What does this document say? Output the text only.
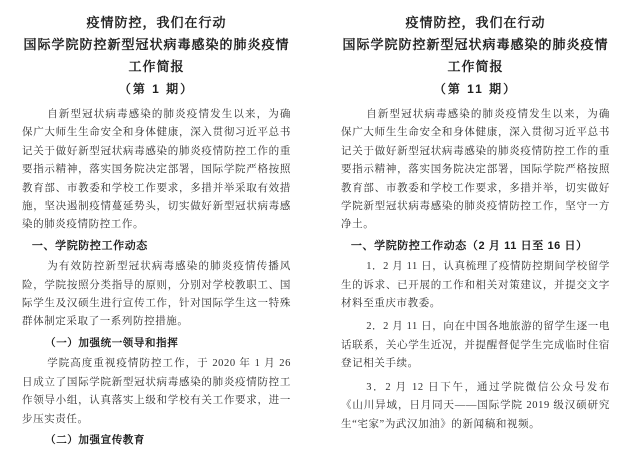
疫情防控，我们在行动
国际学院防控新型冠状病毒感染的肺炎疫情
工作简报
（第 1 期）

自新型冠状病毒感染的肺炎疫情发生以来，为确保广大师生生命安全和身体健康，深入贯彻习近平总书记关于做好新型冠状病毒感染的肺炎疫情防控工作的重要指示精神，落实国务院决定部署，国际学院严格按照教育部、市教委和学校工作要求，多措并举采取有效措施，坚决遏制疫情蔓延势头，切实做好新型冠状病毒感染的肺炎疫情防控工作。

一、学院防控工作动态

为有效防控新型冠状病毒感染的肺炎疫情传播风险，学院按照分类指导的原则，分别对学校教职工、国际学生及汉硕生进行宣传工作，针对国际学生这一特殊群体制定采取了一系列防控措施。

（一）加强统一领导和指挥

学院高度重视疫情防控工作，于 2020 年 1 月 26 日成立了国际学院新型冠状病毒感染的肺炎疫情防控工作领导小组，认真落实上级和学校有关工作要求，进一步压实责任。

（二）加强宣传教育
疫情防控，我们在行动
国际学院防控新型冠状病毒感染的肺炎疫情
工作简报
（第 11 期）

自新型冠状病毒感染的肺炎疫情发生以来，为确保广大师生生命安全和身体健康，深入贯彻习近平总书记关于做好新型冠状病毒感染的肺炎疫情防控工作的重要指示精神，落实国务院决定部署，国际学院严格按照教育部、市教委和学校工作要求，多措并举，切实做好学院新型冠状病毒感染的肺炎疫情防控工作，坚守一方净土。

一、学院防控工作动态（2 月 11 日至 16 日）

1．2 月 11 日，认真梳理了疫情防控期间学校留学生的诉求、已开展的工作和相关对策建议，并提交文字材料至重庆市教委。

2．2 月 11 日，向在中国各地旅游的留学生逐一电话联系，关心学生近况，并提醒督促学生完成临时住宿登记相关手续。

3．2 月 12 日下午，通过学院微信公众号发布《山川异域，日月同天——国际学院 2019 级汉硕研究生“宅家”为武汉加油》的新闻稿和视频。
